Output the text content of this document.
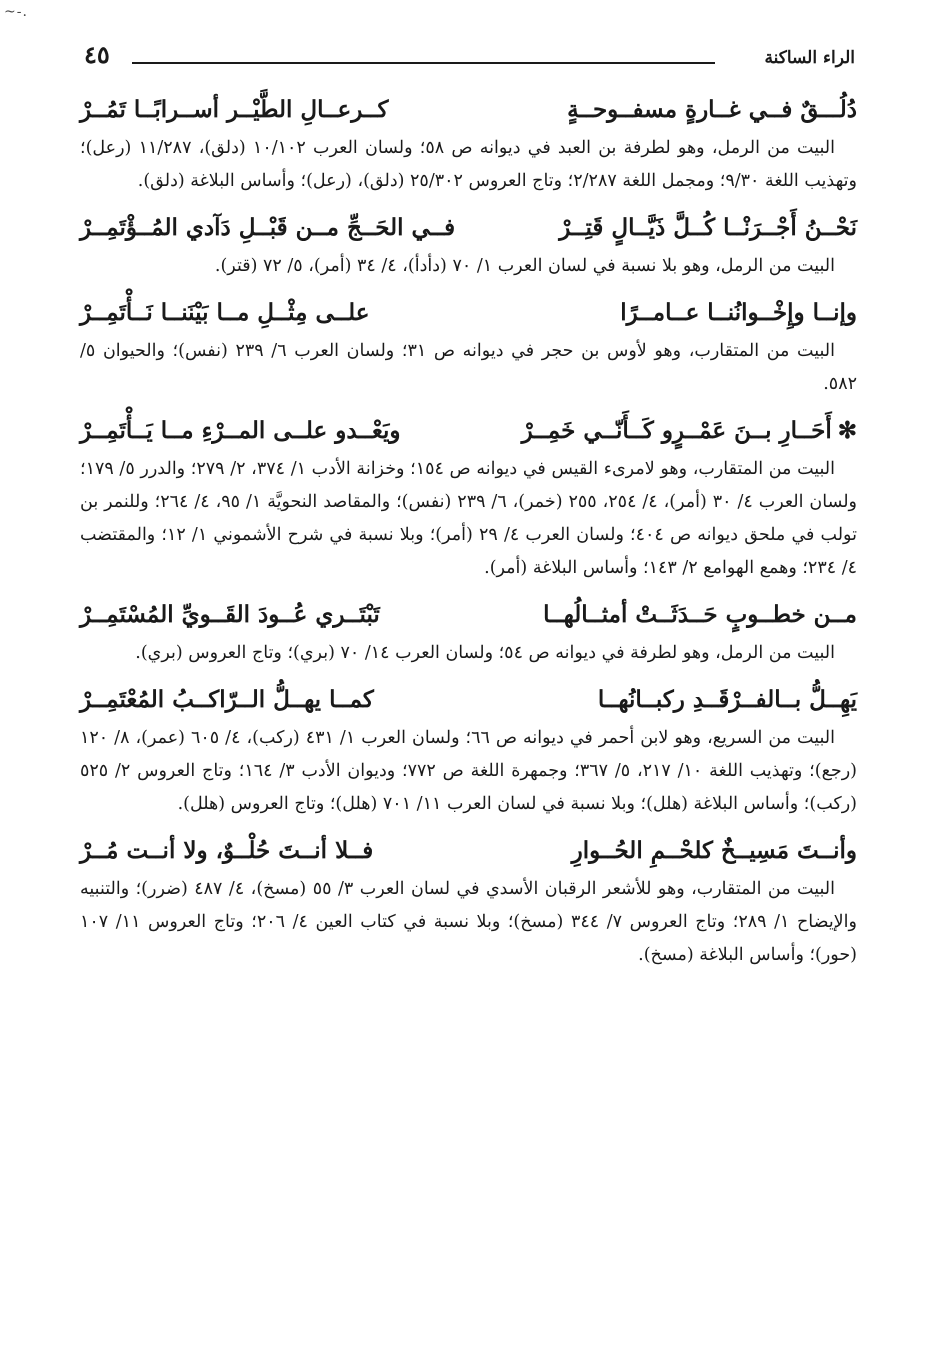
~-.
الراء الساكنة
٤٥
دُلُـــقٌ فــي غــارةٍ مسفــوحــةٍ
كــرعــالِ الطَّيْــر أســرابًــا تَمُــرْ

البيت من الرمل، وهو لطرفة بن العبد في ديوانه ص ٥٨؛ ولسان العرب ١٠/١٠٢ (دلق)، ١١/٢٨٧ (رعل)؛ وتهذيب اللغة ٩/٣٠؛ ومجمل اللغة ٢/٢٨٧؛ وتاج العروس ٢٥/٣٠٢ (دلق)، (رعل)؛ وأساس البلاغة (دلق).

نَحْــنُ أَجْــرَنْــا كُــلَّ ذَيَّــالٍ قَتِــرْ
فــي الحَــجِّ مــن قَبْــلِ دَآدي المُــؤْتَمِــرْ

البيت من الرمل، وهو بلا نسبة في لسان العرب ١/ ٧٠ (دأدأ)، ٤/ ٣٤ (أمر)، ٥/ ٧٢ (قتر).

وإنــا وإِخْــوانُنــا عــامــرًا
علــى مِثْــلِ مــا بَيْنَنــا نَــأْتَمِــرْ

البيت من المتقارب، وهو لأوس بن حجر في ديوانه ص ٣١؛ ولسان العرب ٦/ ٢٣٩ (نفس)؛ والحيوان ٥/ ٥٨٢.

✻أَحَــارِ بــنَ عَمْــرٍو كَــأَنّــي خَمِــرْ
ويَعْــدو علــى المــرْءِ مــا يَــأْتَمِــرْ

البيت من المتقارب، وهو لامرىء القيس في ديوانه ص ١٥٤؛ وخزانة الأدب ١/ ٣٧٤، ٢/ ٢٧٩؛ والدرر ٥/ ١٧٩؛ ولسان العرب ٤/ ٣٠ (أمر)، ٤/ ٢٥٤، ٢٥٥ (خمر)، ٦/ ٢٣٩ (نفس)؛ والمقاصد النحويَّة ١/ ٩٥، ٤/ ٢٦٤؛ وللنمر بن تولب في ملحق ديوانه ص ٤٠٤؛ ولسان العرب ٤/ ٢٩ (أمر)؛ وبلا نسبة في شرح الأشموني ١/ ١٢؛ والمقتضب ٤/ ٢٣٤؛ وهمع الهوامع ٢/ ١٤٣؛ وأساس البلاغة (أمر).

مــن خطــوبٍ حَــدَثَــتْ أمثــالُهــا
تَبْتَــري عُــودَ القَــويِّ المُسْتَمِــرْ

البيت من الرمل، وهو لطرفة في ديوانه ص ٥٤؛ ولسان العرب ١٤/ ٧٠ (بري)؛ وتاج العروس (بري).

يَهِــلُّ بــالفــرْقَــدِ ركبــانُهــا
كمــا يهــلُّ الــرّاكــبُ المُعْتَمِــرْ

البيت من السريع، وهو لابن أحمر في ديوانه ص ٦٦؛ ولسان العرب ١/ ٤٣١ (ركب)، ٤/ ٦٠٥ (عمر)، ٨/ ١٢٠ (رجع)؛ وتهذيب اللغة ١٠/ ٢١٧، ٥/ ٣٦٧؛ وجمهرة اللغة ص ٧٧٢؛ وديوان الأدب ٣/ ١٦٤؛ وتاج العروس ٢/ ٥٢٥ (ركب)؛ وأساس البلاغة (هلل)؛ وبلا نسبة في لسان العرب ١١/ ٧٠١ (هلل)؛ وتاج العروس (هلل).

وأنــتَ مَسِيــخٌ كلحْــمِ الحُــوارِ
فــلا أنــتَ حُلْــوٌ، ولا أنــت مُــرْ

البيت من المتقارب، وهو للأشعر الرقبان الأسدي في لسان العرب ٣/ ٥٥ (مسخ)، ٤/ ٤٨٧ (ضرر)؛ والتنبيه والإيضاح ١/ ٢٨٩؛ وتاج العروس ٧/ ٣٤٤ (مسخ)؛ وبلا نسبة في كتاب العين ٤/ ٢٠٦؛ وتاج العروس ١١/ ١٠٧ (حور)؛ وأساس البلاغة (مسخ).
